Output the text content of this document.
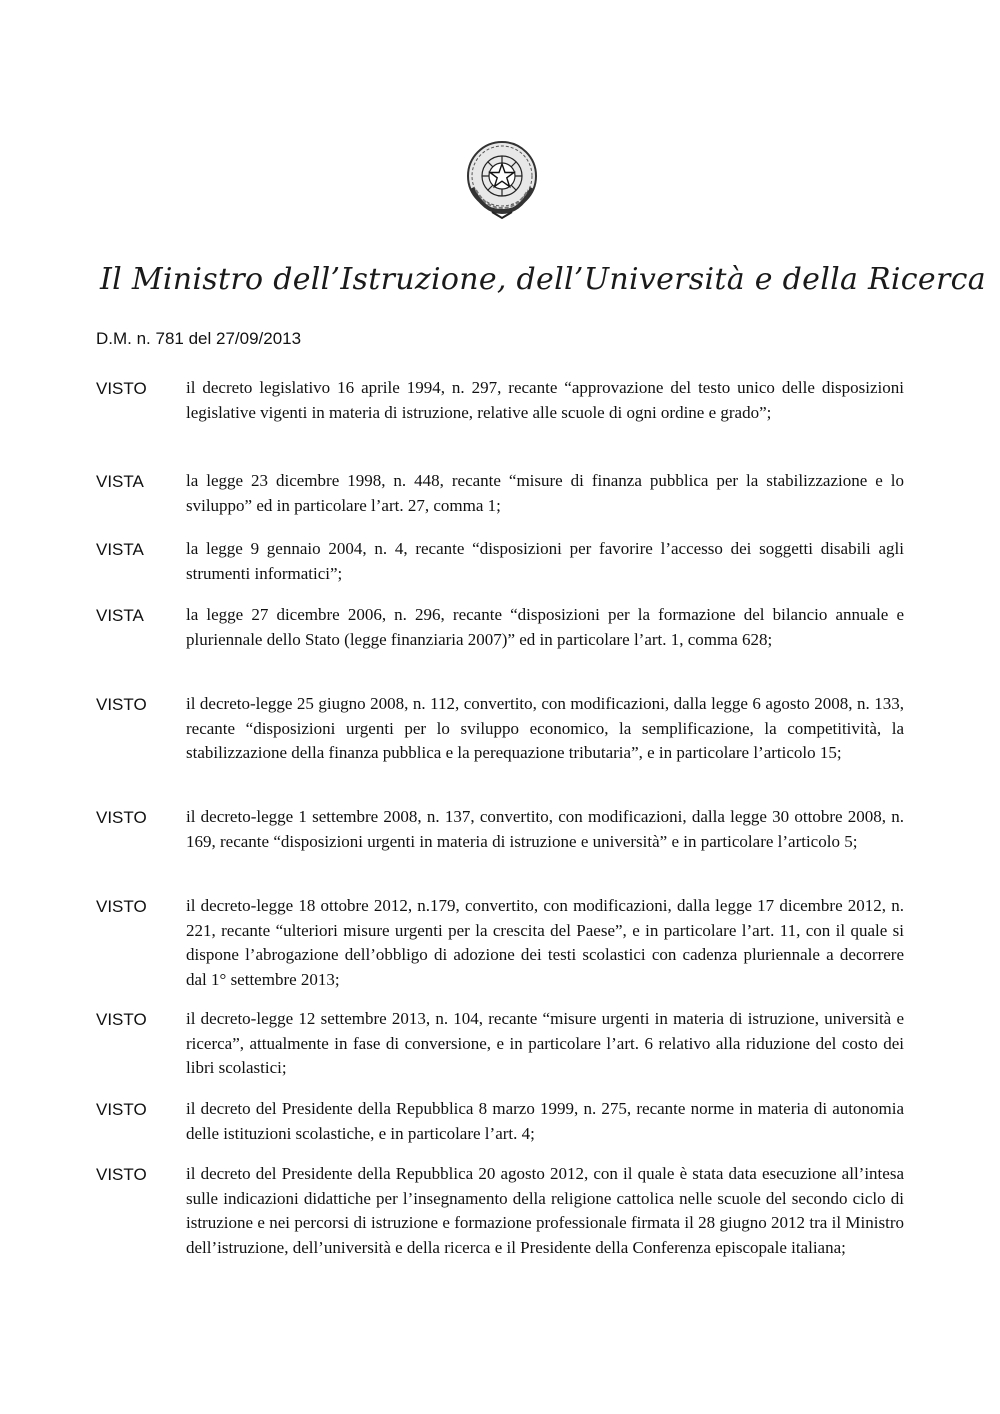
Il Ministro dell’Istruzione, dell’Università e della Ricerca
D.M. n. 781 del 27/09/2013
VISTO il decreto legislativo 16 aprile 1994, n. 297, recante “approvazione del testo unico delle disposizioni legislative vigenti in materia di istruzione, relative alle scuole di ogni ordine e grado”;
VISTA la legge 23 dicembre 1998, n. 448, recante “misure di finanza pubblica per la stabilizzazione e lo sviluppo” ed in particolare l’art. 27, comma 1;
VISTA la legge 9 gennaio 2004, n. 4, recante “disposizioni per favorire l’accesso dei soggetti disabili agli strumenti informatici”;
VISTA la legge 27 dicembre 2006, n. 296, recante “disposizioni per la formazione del bilancio annuale e pluriennale dello Stato (legge finanziaria 2007)” ed in particolare l’art. 1, comma 628;
VISTO il decreto-legge 25 giugno 2008, n. 112, convertito, con modificazioni, dalla legge 6 agosto 2008, n. 133, recante “disposizioni urgenti per lo sviluppo economico, la semplificazione, la competitività, la stabilizzazione della finanza pubblica e la perequazione tributaria”, e in particolare l’articolo 15;
VISTO il decreto-legge 1 settembre 2008, n. 137, convertito, con modificazioni, dalla legge 30 ottobre 2008, n. 169, recante “disposizioni urgenti in materia di istruzione e università” e in particolare l’articolo 5;
VISTO il decreto-legge 18 ottobre 2012, n.179, convertito, con modificazioni, dalla legge 17 dicembre 2012, n. 221, recante “ulteriori misure urgenti per la crescita del Paese”, e in particolare l’art. 11, con il quale si dispone l’abrogazione dell’obbligo di adozione dei testi scolastici con cadenza pluriennale a decorrere dal 1° settembre 2013;
VISTO il decreto-legge 12 settembre 2013, n. 104, recante “misure urgenti in materia di istruzione, università e ricerca”, attualmente in fase di conversione, e in particolare l’art. 6 relativo alla riduzione del costo dei libri scolastici;
VISTO il decreto del Presidente della Repubblica 8 marzo 1999, n. 275, recante norme in materia di autonomia delle istituzioni scolastiche, e in particolare l’art. 4;
VISTO il decreto del Presidente della Repubblica 20 agosto 2012, con il quale è stata data esecuzione all’intesa sulle indicazioni didattiche per l’insegnamento della religione cattolica nelle scuole del secondo ciclo di istruzione e nei percorsi di istruzione e formazione professionale firmata il 28 giugno 2012 tra il Ministro dell’istruzione, dell’università e della ricerca e il Presidente della Conferenza episcopale italiana;
